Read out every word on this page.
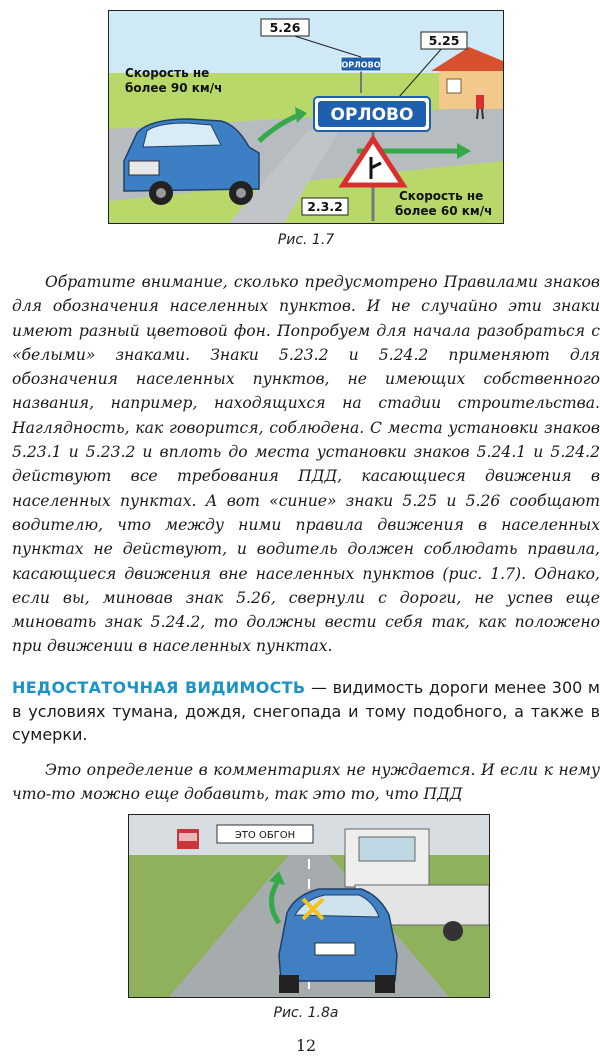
ОРЛОВО
5.26
5.25
ОРЛОВО
2.3.2
Скорость не
более 90 км/ч
Скорость не
более 60 км/ч
Рис. 1.7
Обратите внимание, сколько предусмотрено Правилами знаков для обозначения населенных пунктов. И не случайно эти знаки имеют разный цветовой фон. Попробуем для начала разобраться с «белыми» знаками. Знаки 5.23.2 и 5.24.2 применяют для обозначения населенных пунктов, не имеющих собственного названия, например, находящихся на стадии строительства. Наглядность, как говорится, соблюдена. С места установки знаков 5.23.1 и 5.23.2 и вплоть до места установки знаков 5.24.1 и 5.24.2 действуют все требования ПДД, касающиеся движения в населенных пунктах. А вот «синие» знаки 5.25 и 5.26 сообщают водителю, что между ними правила движения в населенных пунктах не действуют, и водитель должен соблюдать правила, касающиеся движения вне населенных пунктов (рис. 1.7). Однако, если вы, миновав знак 5.26, свернули с дороги, не успев еще миновать знак 5.24.2, то должны вести себя так, как положено при движении в населенных пунктах.
НЕДОСТАТОЧНАЯ ВИДИМОСТЬ — видимость дороги менее 300 м в условиях тумана, дождя, снегопада и тому подобного, а также в сумерки.
Это определение в комментариях не нуждается. И если к нему что-то можно еще добавить, так это то, что ПДД
ЭТО ОБГОН
Рис. 1.8а
12
